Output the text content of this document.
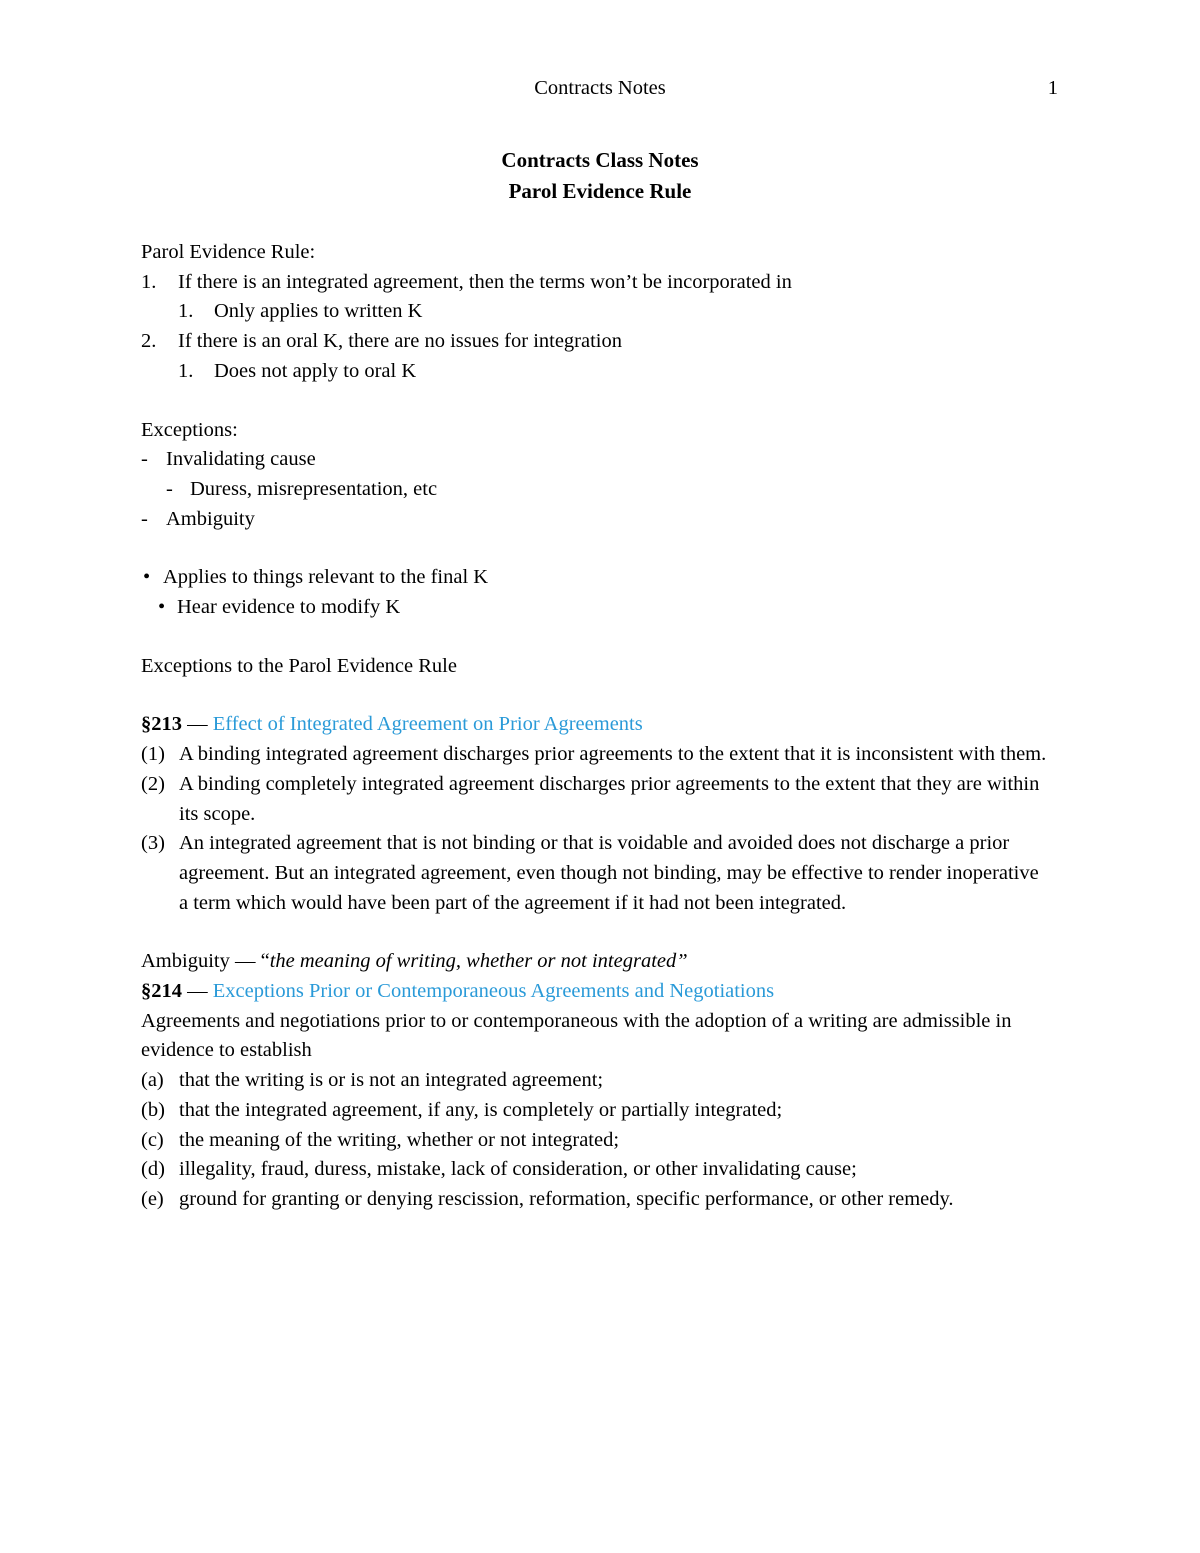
Contracts Notes	1
Contracts Class Notes
Parol Evidence Rule
Parol Evidence Rule:
1.	If there is an integrated agreement, then the terms won’t be incorporated in
1.	Only applies to written K
2.	If there is an oral K, there are no issues for integration
1.	Does not apply to oral K
Exceptions:
- Invalidating cause
- Duress, misrepresentation, etc
- Ambiguity
• Applies to things relevant to the final K
• Hear evidence to modify K
Exceptions to the Parol Evidence Rule
§213 — Effect of Integrated Agreement on Prior Agreements
(1) A binding integrated agreement discharges prior agreements to the extent that it is inconsistent with them.
(2) A binding completely integrated agreement discharges prior agreements to the extent that they are within its scope.
(3) An integrated agreement that is not binding or that is voidable and avoided does not discharge a prior agreement. But an integrated agreement, even though not binding, may be effective to render inoperative a term which would have been part of the agreement if it had not been integrated.
Ambiguity — “the meaning of writing, whether or not integrated”
§214 — Exceptions Prior or Contemporaneous Agreements and Negotiations
Agreements and negotiations prior to or contemporaneous with the adoption of a writing are admissible in evidence to establish
(a) that the writing is or is not an integrated agreement;
(b) that the integrated agreement, if any, is completely or partially integrated;
(c) the meaning of the writing, whether or not integrated;
(d) illegality, fraud, duress, mistake, lack of consideration, or other invalidating cause;
(e) ground for granting or denying rescission, reformation, specific performance, or other remedy.
